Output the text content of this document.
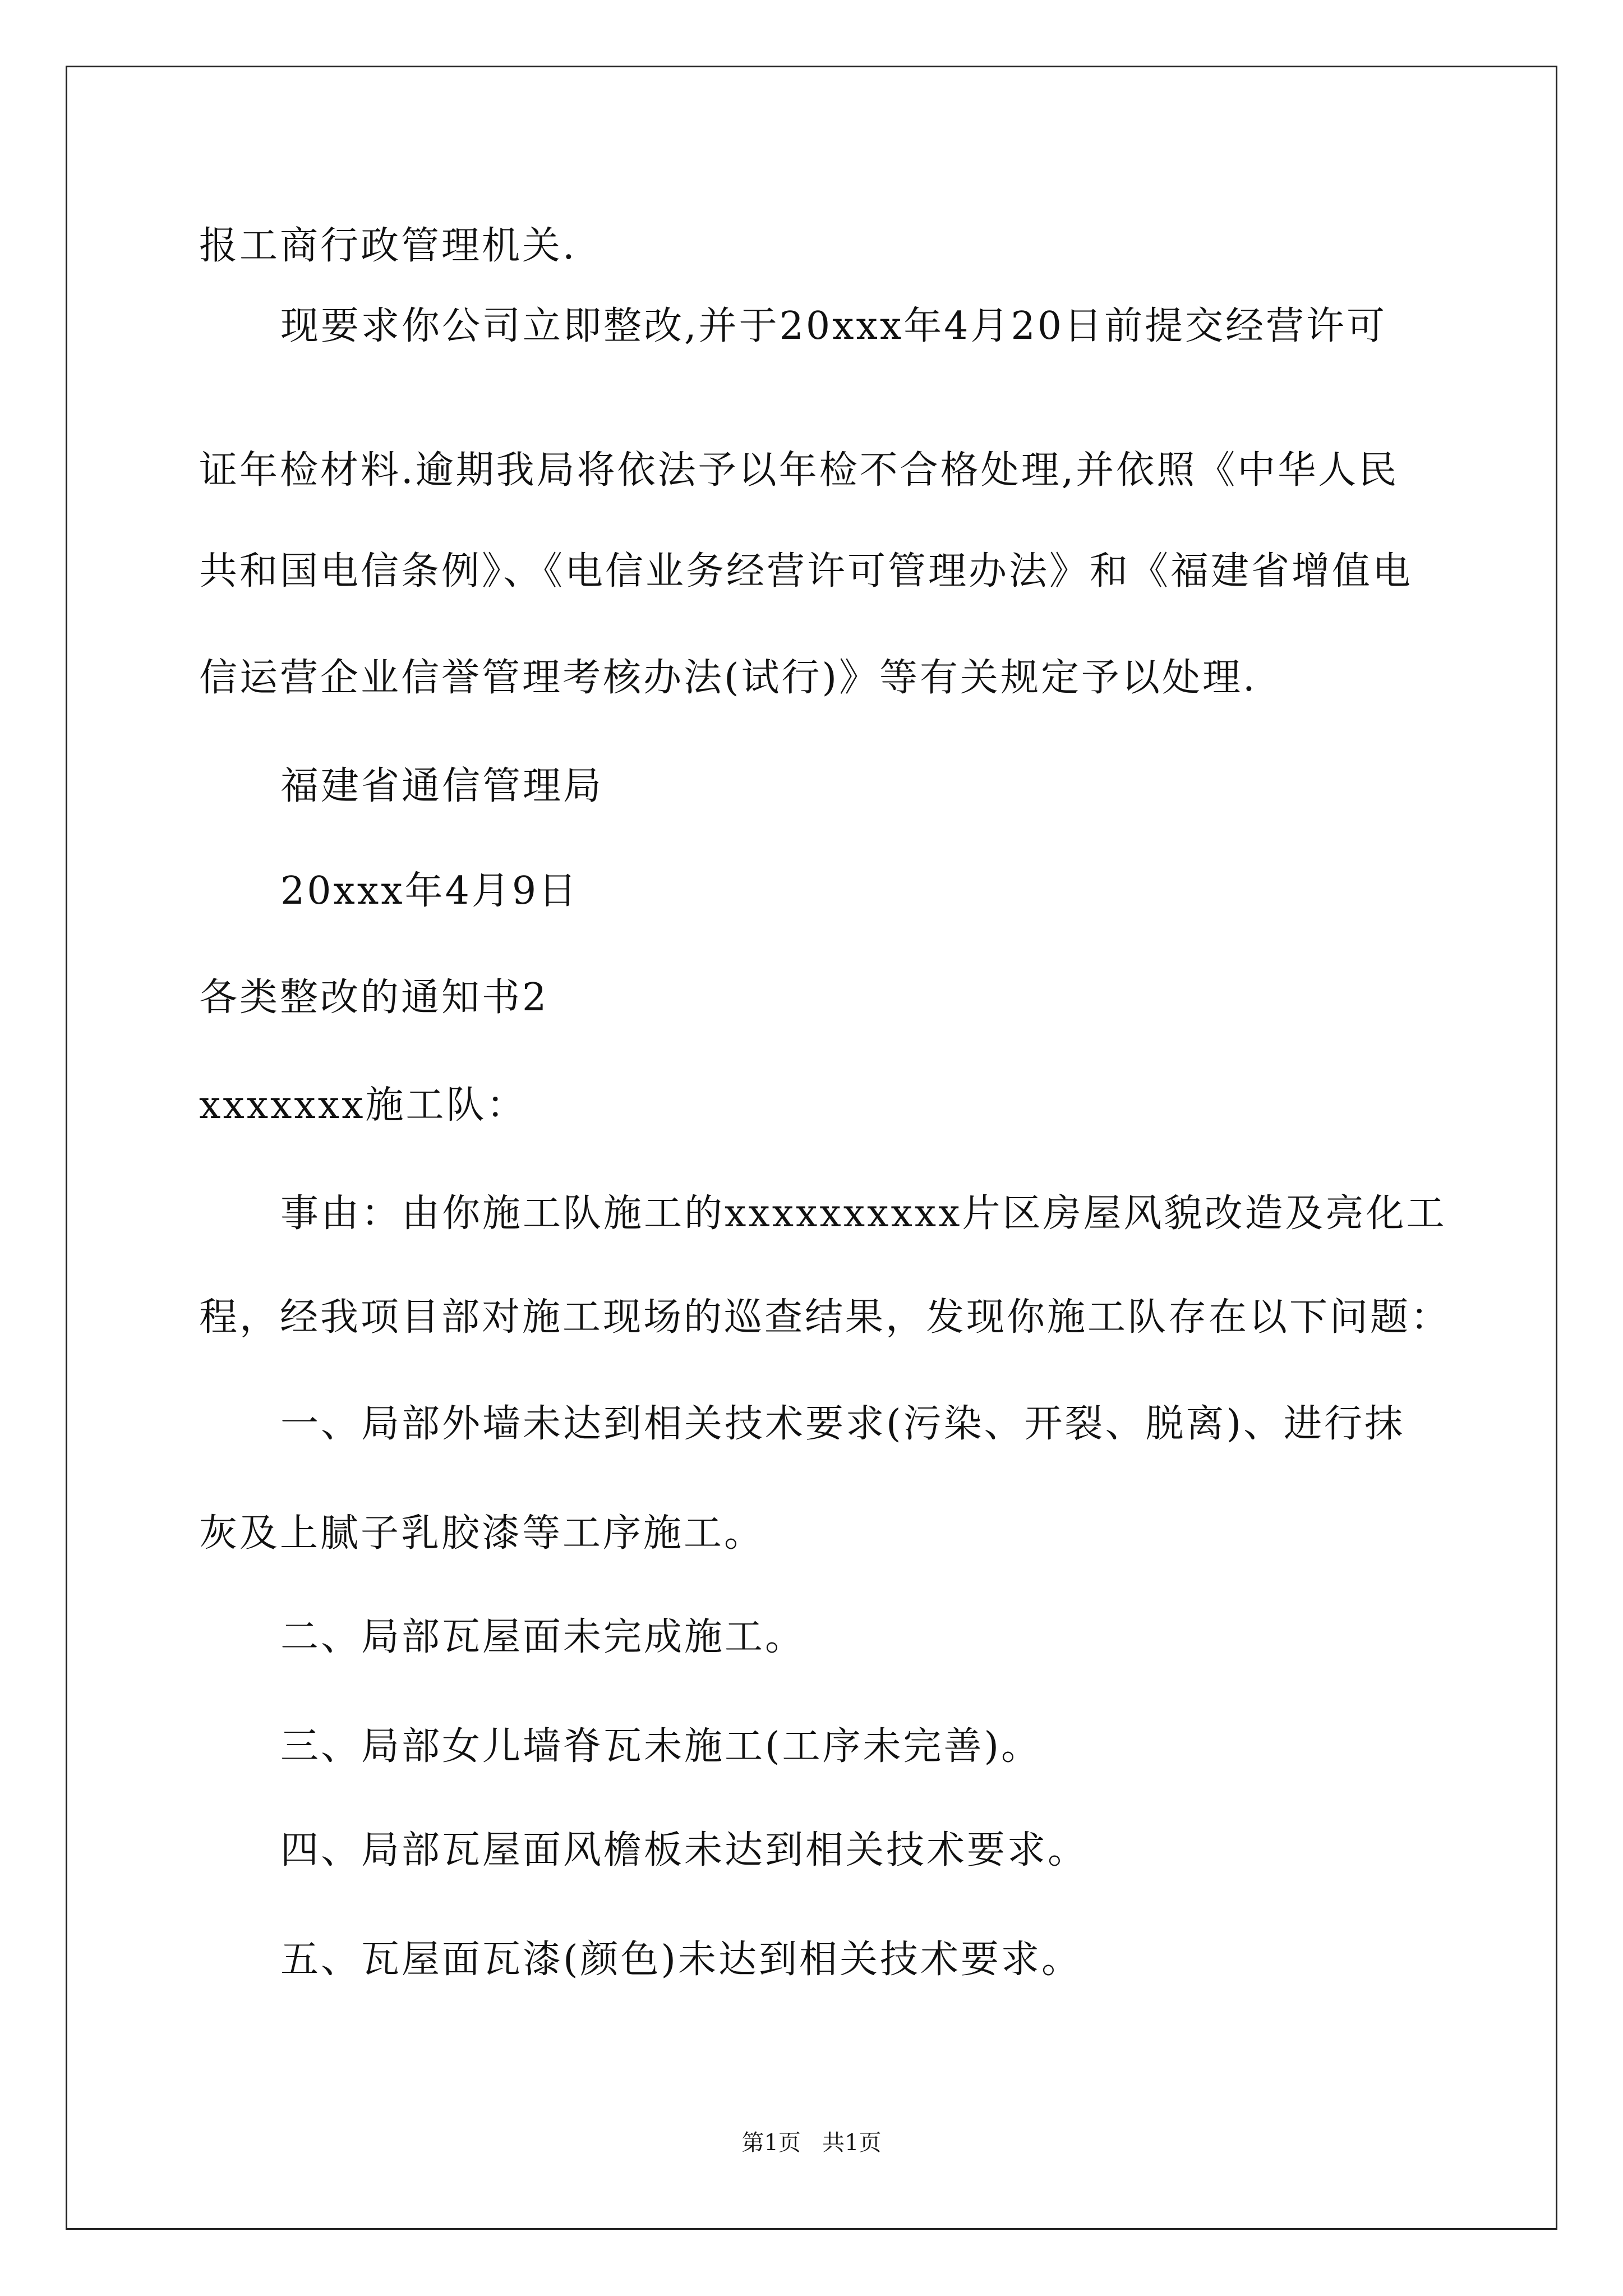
报工商行政管理机关.
现要求你公司立即整改,并于20xxx年4月20日前提交经营许可
证年检材料.逾期我局将依法予以年检不合格处理,并依照《中华人民
共和国电信条例》、《电信业务经营许可管理办法》和《福建省增值电
信运营企业信誉管理考核办法(试行)》等有关规定予以处理.
福建省通信管理局
20xxx年4月9日
各类整改的通知书2
xxxxxxx施工队：
事由：由你施工队施工的xxxxxxxxxx片区房屋风貌改造及亮化工
程，经我项目部对施工现场的巡查结果，发现你施工队存在以下问题：
一、局部外墙未达到相关技术要求(污染、开裂、脱离)、进行抹
灰及上腻子乳胶漆等工序施工。
二、局部瓦屋面未完成施工。
三、局部女儿墙脊瓦未施工(工序未完善)。
四、局部瓦屋面风檐板未达到相关技术要求。
五、瓦屋面瓦漆(颜色)未达到相关技术要求。
第1页   共1页
